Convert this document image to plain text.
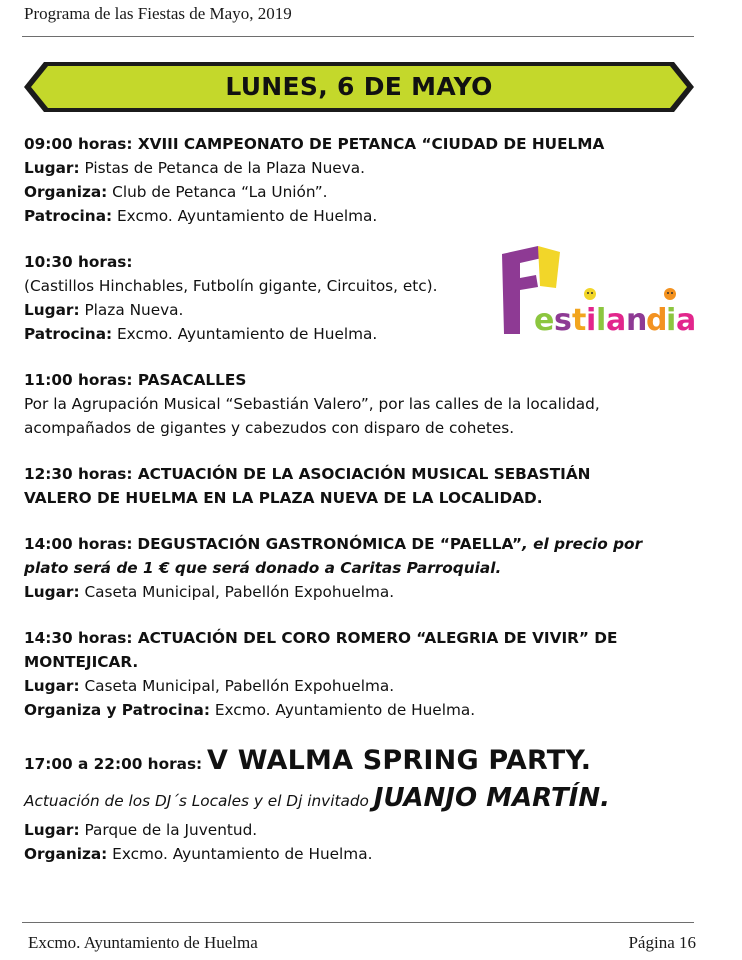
Programa de las Fiestas de Mayo, 2019
LUNES, 6 DE MAYO
09:00 horas: XVIII CAMPEONATO DE PETANCA “CIUDAD DE HUELMA
Lugar: Pistas de Petanca de la Plaza Nueva.
Organiza: Club de Petanca “La Unión”.
Patrocina: Excmo. Ayuntamiento de Huelma.
10:30 horas:
(Castillos Hinchables, Futbolín gigante, Circuitos, etc).
Lugar: Plaza Nueva.
Patrocina: Excmo. Ayuntamiento de Huelma.
11:00 horas: PASACALLES
Por la Agrupación Musical “Sebastián Valero”, por las calles de la localidad,
acompañados de gigantes y cabezudos con disparo de cohetes.
12:30 horas: ACTUACIÓN DE LA ASOCIACIÓN MUSICAL SEBASTIÁN
VALERO DE HUELMA EN LA PLAZA NUEVA DE LA LOCALIDAD.
14:00 horas: DEGUSTACIÓN GASTRONÓMICA DE “PAELLA”, el precio por
plato será de 1 € que será donado a Caritas Parroquial.
Lugar: Caseta Municipal, Pabellón Expohuelma.
14:30 horas: ACTUACIÓN DEL CORO ROMERO “ALEGRIA DE VIVIR” DE
MONTEJICAR.
Lugar: Caseta Municipal, Pabellón Expohuelma.
Organiza y Patrocina: Excmo. Ayuntamiento de Huelma.
17:00 a 22:00 horas: V WALMA SPRING PARTY.
Actuación de los DJ´s Locales y el Dj invitado JUANJO MARTÍN.
Lugar: Parque de la Juventud.
Organiza: Excmo. Ayuntamiento de Huelma.
e s t i l a n
d
i a
Excmo. Ayuntamiento de Huelma	Página 16
